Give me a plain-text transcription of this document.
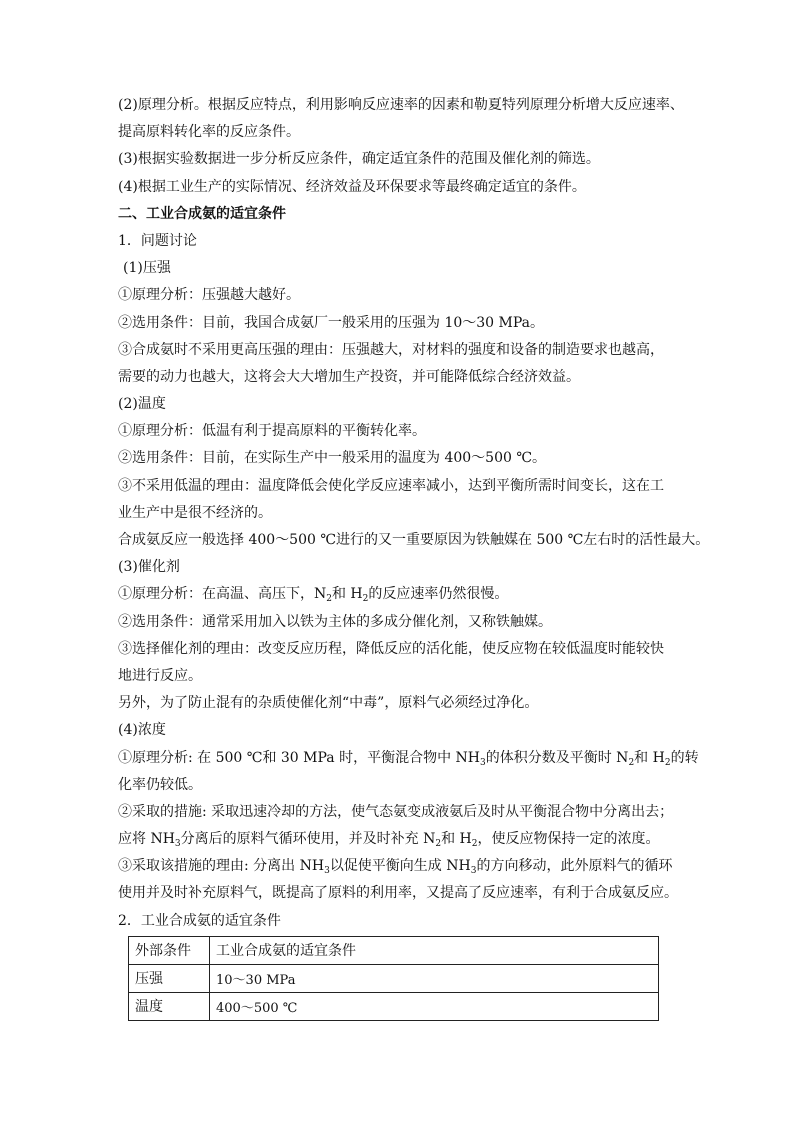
(2)原理分析。根据反应特点，利用影响反应速率的因素和勒夏特列原理分析增大反应速率、
提高原料转化率的反应条件。
(3)根据实验数据进一步分析反应条件，确定适宜条件的范围及催化剂的筛选。
(4)根据工业生产的实际情况、经济效益及环保要求等最终确定适宜的条件。
二、工业合成氨的适宜条件
1．问题讨论
(1)压强
①原理分析：压强越大越好。
②选用条件：目前，我国合成氨厂一般采用的压强为 10～30 MPa。
③合成氨时不采用更高压强的理由：压强越大，对材料的强度和设备的制造要求也越高，
需要的动力也越大，这将会大大增加生产投资，并可能降低综合经济效益。
(2)温度
①原理分析：低温有利于提高原料的平衡转化率。
②选用条件：目前，在实际生产中一般采用的温度为 400～500 ℃。
③不采用低温的理由：温度降低会使化学反应速率减小，达到平衡所需时间变长，这在工
业生产中是很不经济的。
合成氨反应一般选择 400～500 ℃进行的又一重要原因为铁触媒在 500 ℃左右时的活性最大。
(3)催化剂
①原理分析：在高温、高压下，$N_2$和 $H_2$的反应速率仍然很慢。
②选用条件：通常采用加入以铁为主体的多成分催化剂，又称铁触媒。
③选择催化剂的理由：改变反应历程，降低反应的活化能，使反应物在较低温度时能较快
地进行反应。
另外，为了防止混有的杂质使催化剂“中毒”，原料气必须经过净化。
(4)浓度
①原理分析: 在 500 ℃和 30 MPa 时，平衡混合物中 $NH_3$的体积分数及平衡时 $N_2$和 $H_2$的转
化率仍较低。
②采取的措施: 采取迅速冷却的方法，使气态氨变成液氨后及时从平衡混合物中分离出去；
应将 $NH_3$分离后的原料气循环使用，并及时补充 $N_2$和 $H_2$，使反应物保持一定的浓度。
③采取该措施的理由: 分离出 $NH_3$以促使平衡向生成 $NH_3$的方向移动，此外原料气的循环
使用并及时补充原料气，既提高了原料的利用率，又提高了反应速率，有利于合成氨反应。
2．工业合成氨的适宜条件
外部条件	工业合成氨的适宜条件
压强	10～30 MPa
温度	400～500 ℃
